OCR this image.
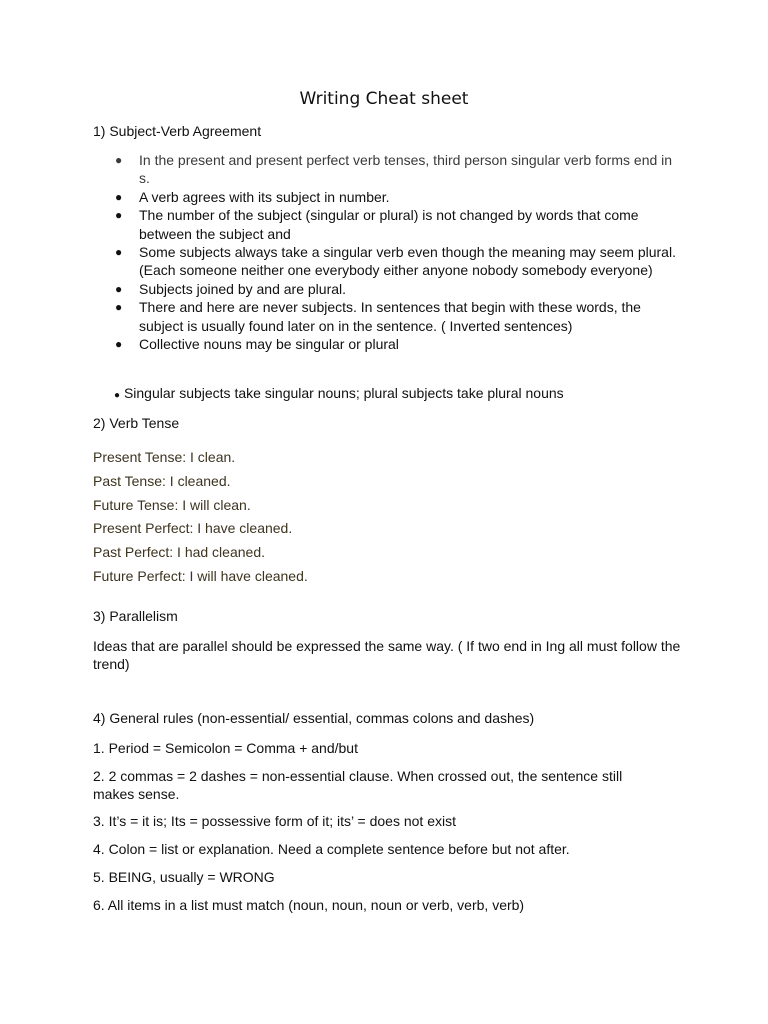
Writing Cheat sheet
1) Subject-Verb Agreement
● In the present and present perfect verb tenses, third person singular verb forms end in s.
● A verb agrees with its subject in number.
● The number of the subject (singular or plural) is not changed by words that come between the subject and
● Some subjects always take a singular verb even though the meaning may seem plural. (Each someone neither one everybody either anyone nobody somebody everyone)
● Subjects joined by and are plural.
● There and here are never subjects. In sentences that begin with these words, the subject is usually found later on in the sentence. ( Inverted sentences)
● Collective nouns may be singular or plural
● Singular subjects take singular nouns; plural subjects take plural nouns
2) Verb Tense
Present Tense: I clean.
Past Tense: I cleaned.
Future Tense: I will clean.
Present Perfect: I have cleaned.
Past Perfect: I had cleaned.
Future Perfect: I will have cleaned.
3) Parallelism
Ideas that are parallel should be expressed the same way. ( If two end in Ing all must follow the trend)
4) General rules (non-essential/ essential, commas colons and dashes)
1. Period = Semicolon = Comma + and/but
2. 2 commas = 2 dashes = non-essential clause. When crossed out, the sentence still makes sense.
3. It’s = it is; Its = possessive form of it; its’ = does not exist
4. Colon = list or explanation. Need a complete sentence before but not after.
5. BEING, usually = WRONG
6. All items in a list must match (noun, noun, noun or verb, verb, verb)
